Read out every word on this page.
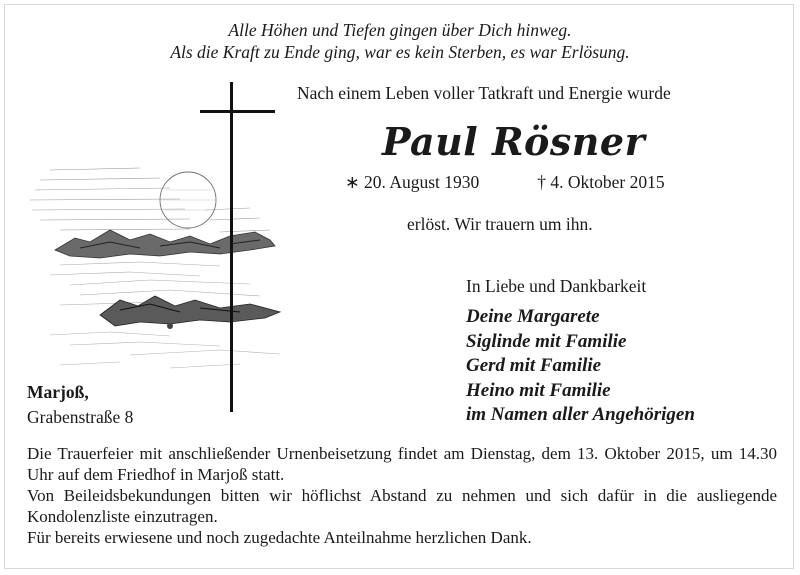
Alle Höhen und Tiefen gingen über Dich hinweg.
Als die Kraft zu Ende ging, war es kein Sterben, es war Erlösung.
Nach einem Leben voller Tatkraft und Energie wurde
Paul Rösner
∗ 20. August 1930	† 4. Oktober 2015
erlöst. Wir trauern um ihn.
In Liebe und Dankbarkeit
Deine Margarete
Siglinde mit Familie
Gerd mit Familie
Heino mit Familie
im Namen aller Angehörigen
Marjoß,
Grabenstraße 8

Die Trauerfeier mit anschließender Urnenbeisetzung findet am Dienstag, dem 13. Oktober 2015, um 14.30 Uhr auf dem Friedhof in Marjoß statt.

Von Beileidsbekundungen bitten wir höflichst Abstand zu nehmen und sich dafür in die ausliegende Kondolenzliste einzutragen.

Für bereits erwiesene und noch zugedachte Anteilnahme herzlichen Dank.
